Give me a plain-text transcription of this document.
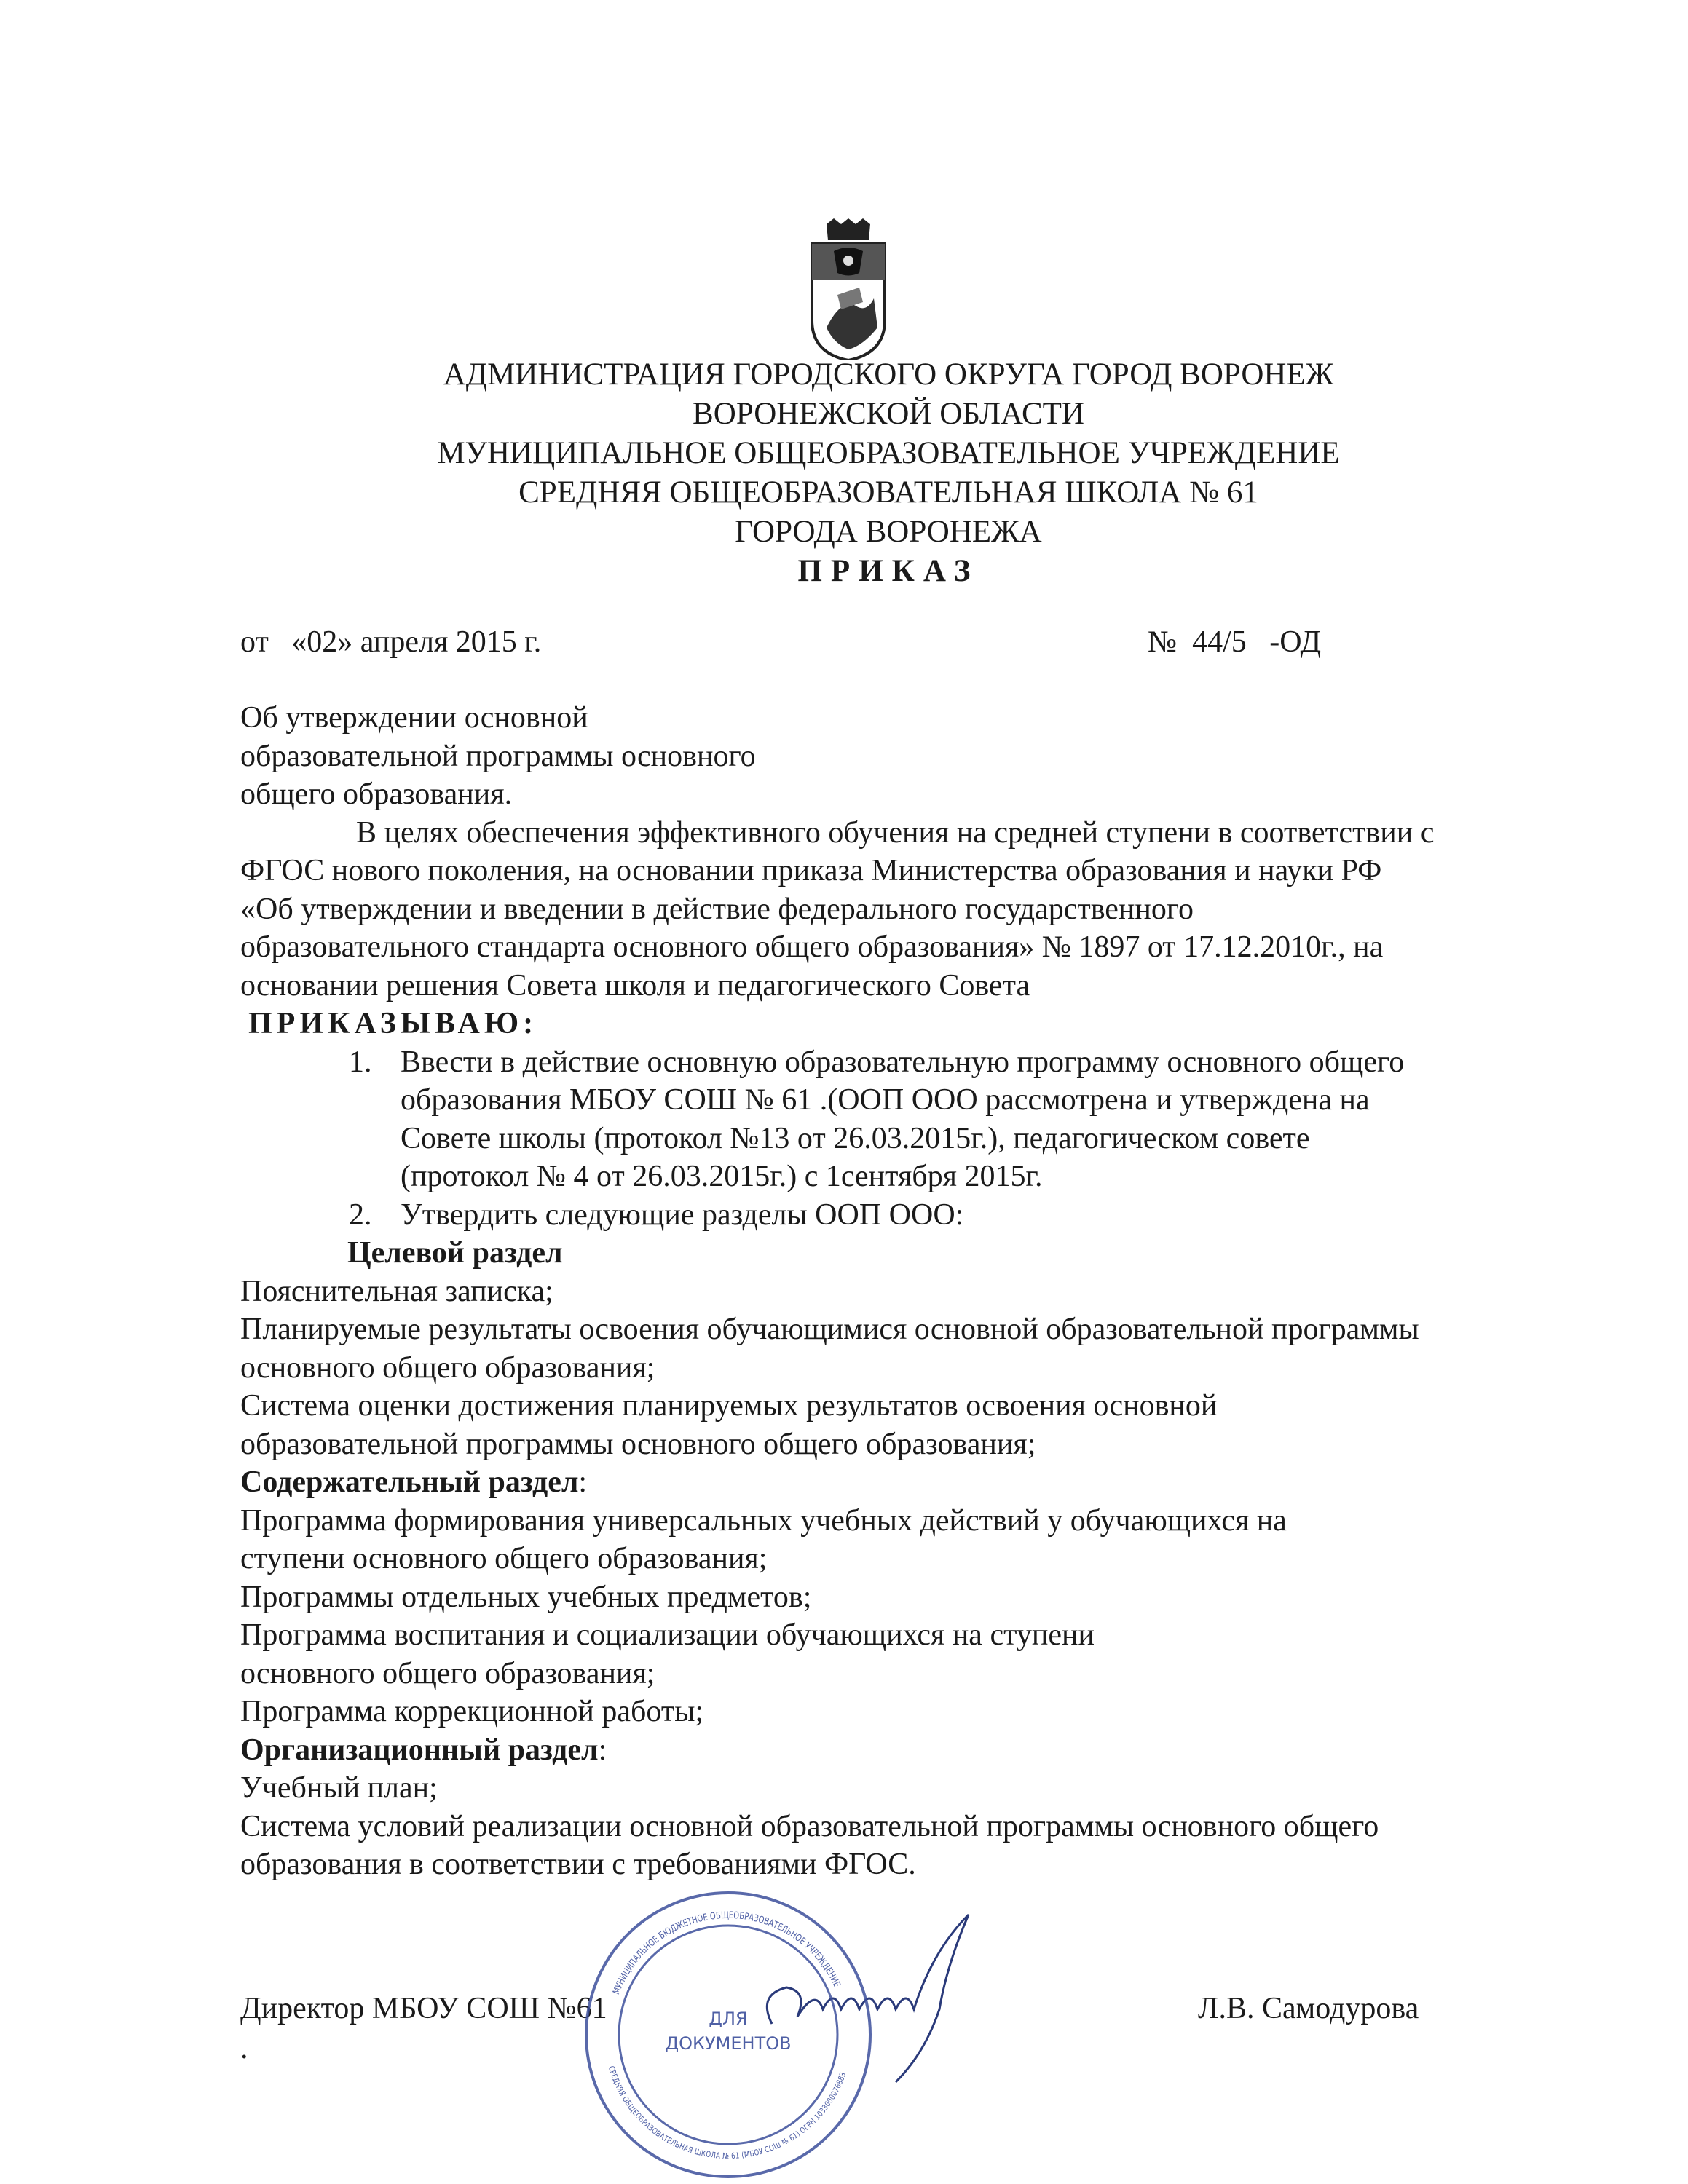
АДМИНИСТРАЦИЯ ГОРОДСКОГО ОКРУГА ГОРОД ВОРОНЕЖ
ВОРОНЕЖСКОЙ ОБЛАСТИ
МУНИЦИПАЛЬНОЕ ОБЩЕОБРАЗОВАТЕЛЬНОЕ УЧРЕЖДЕНИЕ
СРЕДНЯЯ ОБЩЕОБРАЗОВАТЕЛЬНАЯ ШКОЛА № 61
ГОРОДА ВОРОНЕЖА
ПРИКАЗ
от   «02» апреля 2015 г.	№  44/5   -ОД
Об утверждении основной
образовательной программы основного
общего образования.
В целях обеспечения эффективного обучения на средней ступени в соответствии с
ФГОС нового поколения, на основании приказа Министерства образования и науки РФ
«Об утверждении и введении в действие федерального государственного
образовательного стандарта основного общего образования» № 1897 от 17.12.2010г., на
основании решения Совета школя и педагогического Совета
ПРИКАЗЫВАЮ:
1. Ввести в действие основную образовательную программу основного общего
образования МБОУ СОШ № 61 .(ООП ООО рассмотрена и утверждена на
Совете школы (протокол №13 от 26.03.2015г.), педагогическом совете
(протокол № 4 от 26.03.2015г.) с 1сентября 2015г.
2. Утвердить следующие разделы ООП ООО:
Целевой раздел
Пояснительная записка;
Планируемые результаты освоения обучающимися основной образовательной программы
основного общего образования;
Система оценки достижения планируемых результатов освоения основной
образовательной программы основного общего образования;
Содержательный раздел:
Программа формирования универсальных учебных действий у обучающихся на
ступени основного общего образования;
Программы отдельных учебных предметов;
Программа воспитания и социализации обучающихся на ступени
основного общего образования;
Программа коррекционной работы;
Организационный раздел:
Учебный план;
Система условий реализации основной образовательной программы основного общего
образования в соответствии с требованиями ФГОС.
Директор МБОУ СОШ №61	Л.В. Самодурова
.
МУНИЦИПАЛЬНОЕ БЮДЖЕТНОЕ ОБЩЕОБРАЗОВАТЕЛЬНОЕ УЧРЕЖДЕНИЕ
СРЕДНЯЯ ОБЩЕОБРАЗОВАТЕЛЬНАЯ ШКОЛА № 61 (МБОУ СОШ № 61) ОГРН 1033600076883
ДЛЯ
ДОКУМЕНТОВ
